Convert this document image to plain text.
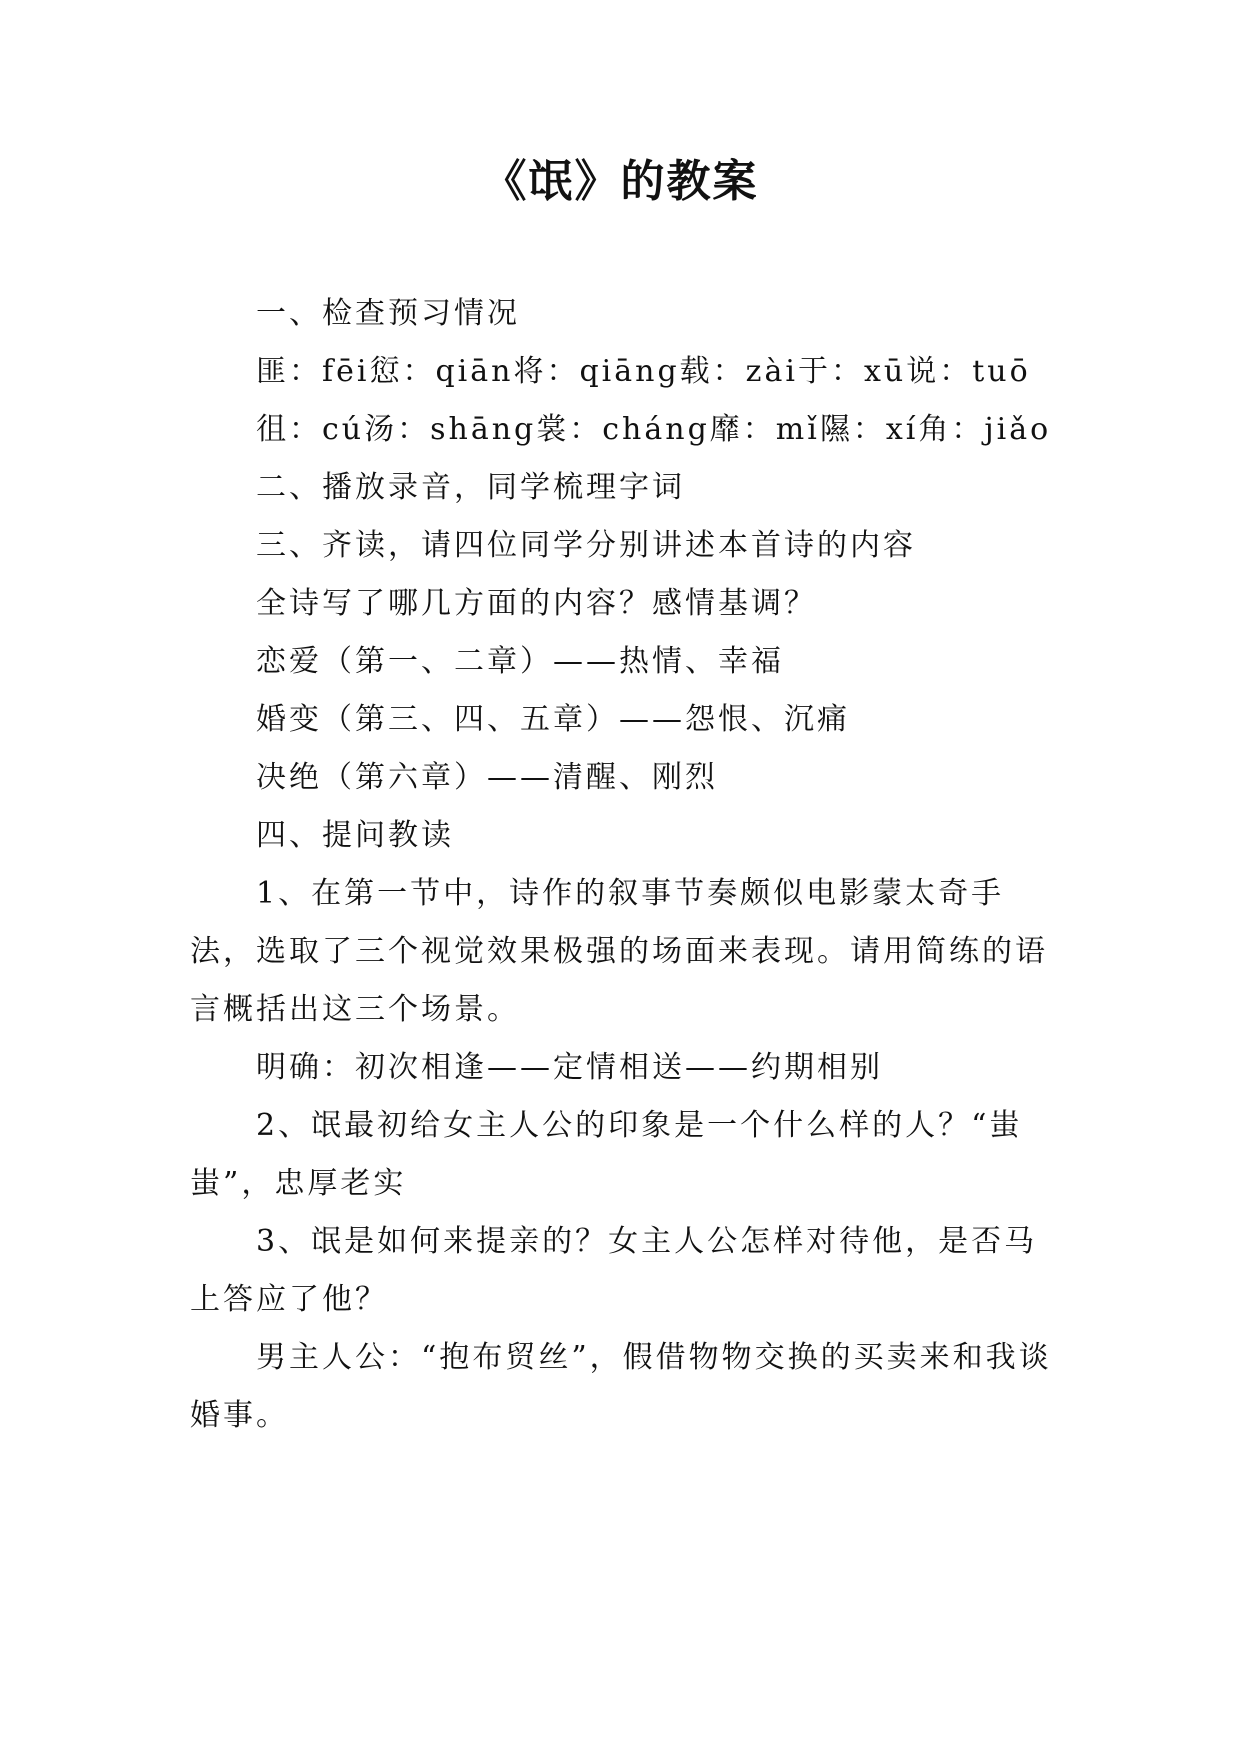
《氓》的教案

一、检查预习情况

匪：fēi愆：qiān将：qiāng载：zài于：xū说：tuō

徂：cú汤：shāng裳：cháng靡：mǐ隰：xí角：jiǎo

二、播放录音，同学梳理字词

三、齐读，请四位同学分别讲述本首诗的内容

全诗写了哪几方面的内容？感情基调？

恋爱（第一、二章）——热情、幸福

婚变（第三、四、五章）——怨恨、沉痛

决绝（第六章）——清醒、刚烈

四、提问教读

1、在第一节中，诗作的叙事节奏颇似电影蒙太奇手法，选取了三个视觉效果极强的场面来表现。请用简练的语言概括出这三个场景。

明确：初次相逢——定情相送——约期相别

2、氓最初给女主人公的印象是一个什么样的人？“蚩蚩”，忠厚老实

3、氓是如何来提亲的？女主人公怎样对待他，是否马上答应了他？

男主人公：“抱布贸丝”，假借物物交换的买卖来和我谈婚事。
